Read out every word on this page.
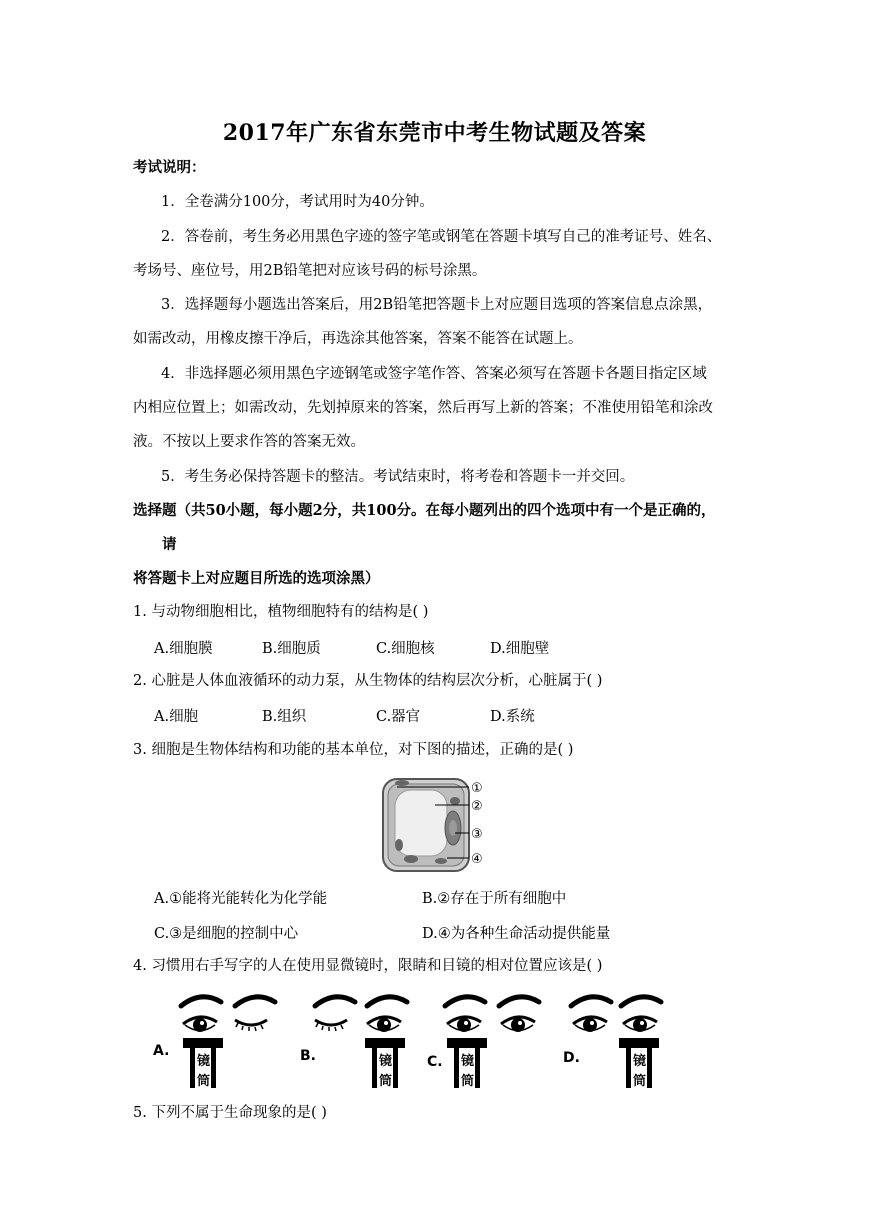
2017年广东省东莞市中考生物试题及答案
考试说明：
1．全卷满分100分，考试用时为40分钟。
2．答卷前，考生务必用黑色字迹的签字笔或钢笔在答题卡填写自己的准考证号、姓名、
考场号、座位号，用2B铅笔把对应该号码的标号涂黑。
3．选择题每小题选出答案后，用2B铅笔把答题卡上对应题目选项的答案信息点涂黑，
如需改动，用橡皮擦干净后，再选涂其他答案，答案不能答在试题上。
4．非选择题必须用黑色字迹钢笔或签字笔作答、答案必须写在答题卡各题目指定区域
内相应位置上；如需改动，先划掉原来的答案，然后再写上新的答案；不准使用铅笔和涂改
液。不按以上要求作答的答案无效。
5．考生务必保持答题卡的整洁。考试结束时，将考卷和答题卡一并交回。
选择题（共50小题，每小题2分，共100分。在每小题列出的四个选项中有一个是正确的，
请
将答题卡上对应题目所选的选项涂黑）
1. 与动物细胞相比，植物细胞特有的结构是( )
A.细胞膜	B.细胞质	C.细胞核	D.细胞壁
2. 心脏是人体血液循环的动力泵，从生物体的结构层次分析，心脏属于( )
A.细胞	B.组织	C.器官	D.系统
3. 细胞是生物体结构和功能的基本单位，对下图的描述，正确的是( )
①
②
③
④
A.①能将光能转化为化学能	B.②存在于所有细胞中
C.③是细胞的控制中心	D.④为各种生命活动提供能量
4. 习惯用右手写字的人在使用显微镜时，限睛和目镜的相对位置应该是( )
A.
镜
筒
B.	镜
筒
C. 镜
筒
D.	镜
筒
5. 下列不属于生命现象的是( )
